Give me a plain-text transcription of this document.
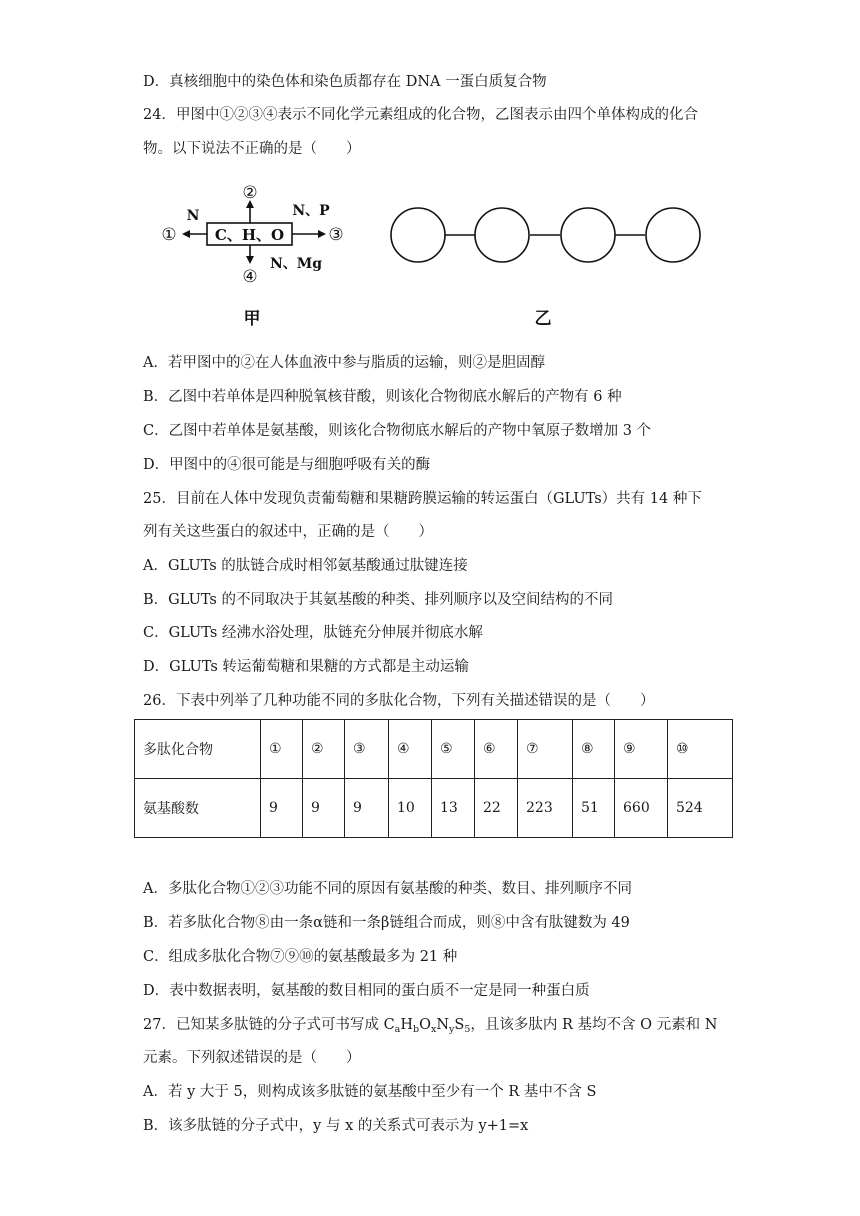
D．真核细胞中的染色体和染色质都存在 DNA 一蛋白质复合物
24．甲图中①②③④表示不同化学元素组成的化合物，乙图表示由四个单体构成的化合
物。以下说法不正确的是（　　）
C、H、O
②
N
①
N、P
③
N、Mg
④
甲	乙
A．若甲图中的②在人体血液中参与脂质的运输，则②是胆固醇
B．乙图中若单体是四种脱氧核苷酸，则该化合物彻底水解后的产物有 6 种
C．乙图中若单体是氨基酸，则该化合物彻底水解后的产物中氧原子数增加 3 个
D．甲图中的④很可能是与细胞呼吸有关的酶
25．目前在人体中发现负责葡萄糖和果糖跨膜运输的转运蛋白（GLUTs）共有 14 种下
列有关这些蛋白的叙述中，正确的是（　　）
A．GLUTs 的肽链合成时相邻氨基酸通过肽键连接
B．GLUTs 的不同取决于其氨基酸的种类、排列顺序以及空间结构的不同
C．GLUTs 经沸水浴处理，肽链充分伸展并彻底水解
D．GLUTs 转运葡萄糖和果糖的方式都是主动运输
26．下表中列举了几种功能不同的多肽化合物，下列有关描述错误的是（　　）
多肽化合物	①	②	③	④	⑤	⑥	⑦	⑧	⑨	⑩
氨基酸数	9	9	9	10	13	22	223	51	660	524
A．多肽化合物①②③功能不同的原因有氨基酸的种类、数目、排列顺序不同
B．若多肽化合物⑧由一条α链和一条β链组合而成，则⑧中含有肽键数为 49
C．组成多肽化合物⑦⑨⑩的氨基酸最多为 21 种
D．表中数据表明，氨基酸的数目相同的蛋白质不一定是同一种蛋白质
27．已知某多肽链的分子式可书写成 $C_aH_bO_xN_yS_5$，且该多肽内 R 基均不含 O 元素和 N
元素。下列叙述错误的是（　　）
A．若 y 大于 5，则构成该多肽链的氨基酸中至少有一个 R 基中不含 S
B．该多肽链的分子式中，y 与 x 的关系式可表示为 y+1=x
